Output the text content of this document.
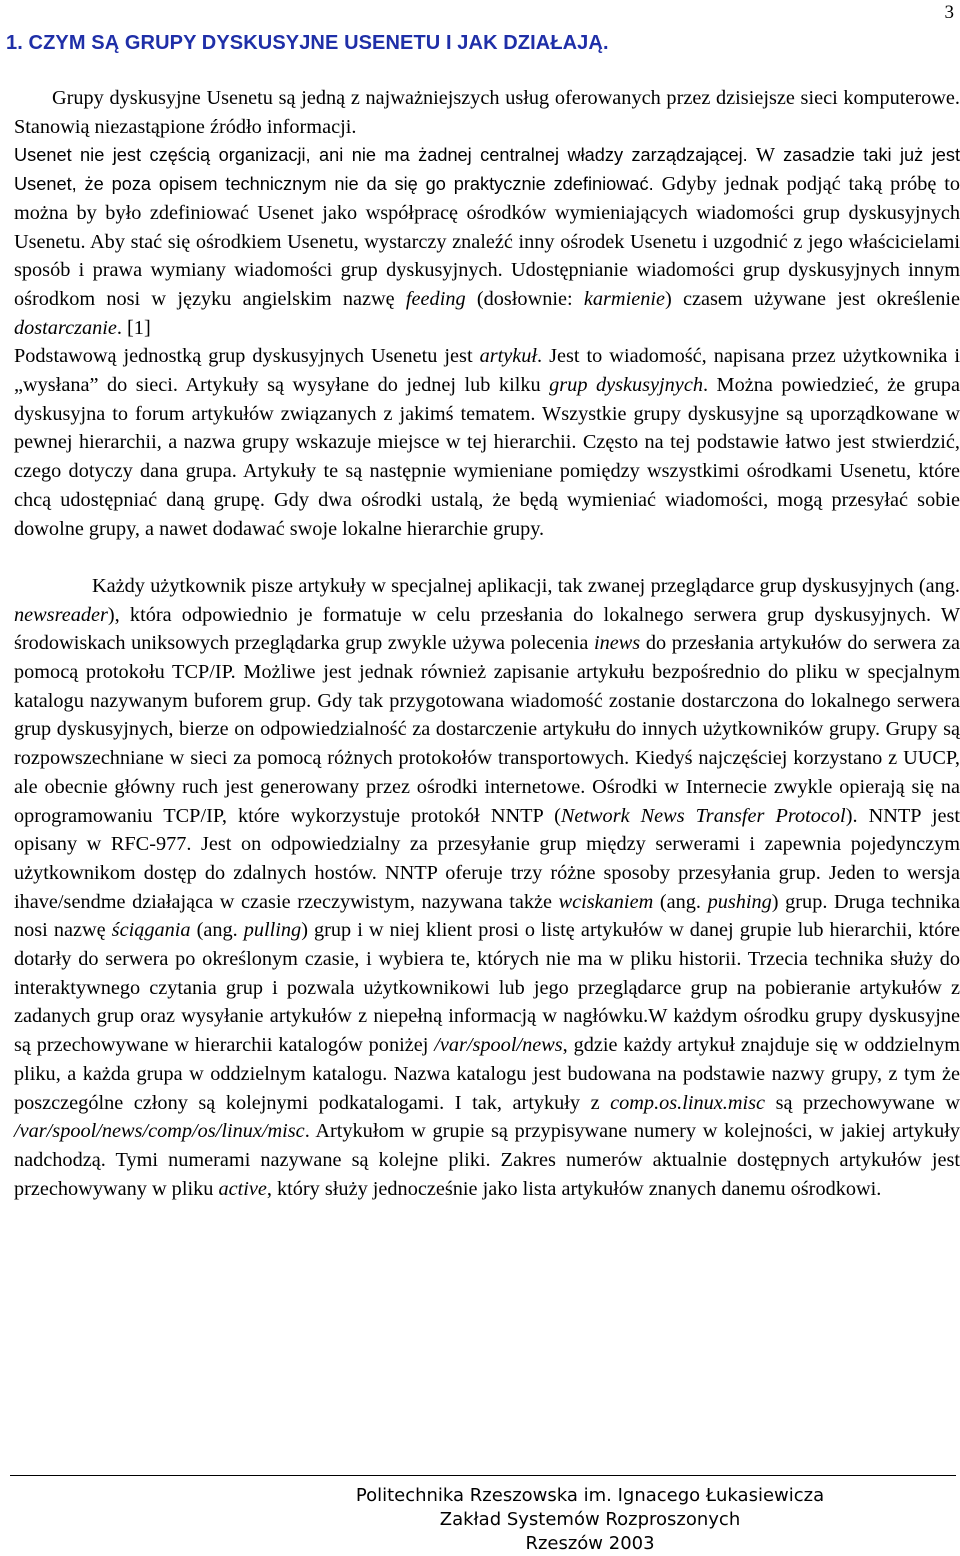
3
1. CZYM SĄ GRUPY DYSKUSYJNE USENETU I JAK DZIAŁAJĄ.

Grupy dyskusyjne Usenetu są jedną z najważniejszych usług oferowanych przez dzisiejsze sieci komputerowe. Stanowią niezastąpione źródło informacji.

Usenet nie jest częścią organizacji, ani nie ma żadnej centralnej władzy zarządzającej. W zasadzie taki już jest Usenet, że poza opisem technicznym nie da się go praktycznie zdefiniować. Gdyby jednak podjąć taką próbę to można by było zdefiniować Usenet jako współpracę ośrodków wymieniających wiadomości grup dyskusyjnych Usenetu. Aby stać się ośrodkiem Usenetu, wystarczy znaleźć inny ośrodek Usenetu i uzgodnić z jego właścicielami sposób i prawa wymiany wiadomości grup dyskusyjnych. Udostępnianie wiadomości grup dyskusyjnych innym ośrodkom nosi w języku angielskim nazwę feeding (dosłownie: karmienie) czasem używane jest określenie dostarczanie. [1]

Podstawową jednostką grup dyskusyjnych Usenetu jest artykuł. Jest to wiadomość, napisana przez użytkownika i „wysłana” do sieci. Artykuły są wysyłane do jednej lub kilku grup dyskusyjnych. Można powiedzieć, że grupa dyskusyjna to forum artykułów związanych z jakimś tematem. Wszystkie grupy dyskusyjne są uporządkowane w pewnej hierarchii, a nazwa grupy wskazuje miejsce w tej hierarchii. Często na tej podstawie łatwo jest stwierdzić, czego dotyczy dana grupa. Artykuły te są następnie wymieniane pomiędzy wszystkimi ośrodkami Usenetu, które chcą udostępniać daną grupę. Gdy dwa ośrodki ustalą, że będą wymieniać wiadomości, mogą przesyłać sobie dowolne grupy, a nawet dodawać swoje lokalne hierarchie grupy.

Każdy użytkownik pisze artykuły w specjalnej aplikacji, tak zwanej przeglądarce grup dyskusyjnych (ang. newsreader), która odpowiednio je formatuje w celu przesłania do lokalnego serwera grup dyskusyjnych. W środowiskach uniksowych przeglądarka grup zwykle używa polecenia inews do przesłania artykułów do serwera za pomocą protokołu TCP/IP. Możliwe jest jednak również zapisanie artykułu bezpośrednio do pliku w specjalnym katalogu nazywanym buforem grup. Gdy tak przygotowana wiadomość zostanie dostarczona do lokalnego serwera grup dyskusyjnych, bierze on odpowiedzialność za dostarczenie artykułu do innych użytkowników grupy. Grupy są rozpowszechniane w sieci za pomocą różnych protokołów transportowych. Kiedyś najczęściej korzystano z UUCP, ale obecnie główny ruch jest generowany przez ośrodki internetowe. Ośrodki w Internecie zwykle opierają się na oprogramowaniu TCP/IP, które wykorzystuje protokół NNTP (Network News Transfer Protocol). NNTP jest opisany w RFC-977. Jest on odpowiedzialny za przesyłanie grup między serwerami i zapewnia pojedynczym użytkownikom dostęp do zdalnych hostów. NNTP oferuje trzy różne sposoby przesyłania grup. Jeden to wersja ihave/sendme działająca w czasie rzeczywistym, nazywana także wciskaniem (ang. pushing) grup. Druga technika nosi nazwę ściągania (ang. pulling) grup i w niej klient prosi o listę artykułów w danej grupie lub hierarchii, które dotarły do serwera po określonym czasie, i wybiera te, których nie ma w pliku historii. Trzecia technika służy do interaktywnego czytania grup i pozwala użytkownikowi lub jego przeglądarce grup na pobieranie artykułów z zadanych grup oraz wysyłanie artykułów z niepełną informacją w nagłówku.W każdym ośrodku grupy dyskusyjne są przechowywane w hierarchii katalogów poniżej /var/spool/news, gdzie każdy artykuł znajduje się w oddzielnym pliku, a każda grupa w oddzielnym katalogu. Nazwa katalogu jest budowana na podstawie nazwy grupy, z tym że poszczególne człony są kolejnymi podkatalogami. I tak, artykuły z comp.os.linux.misc są przechowywane w /var/spool/news/comp/os/linux/misc. Artykułom w grupie są przypisywane numery w kolejności, w jakiej artykuły nadchodzą. Tymi numerami nazywane są kolejne pliki. Zakres numerów aktualnie dostępnych artykułów jest przechowywany w pliku active, który służy jednocześnie jako lista artykułów znanych danemu ośrodkowi.

Politechnika Rzeszowska im. Ignacego Łukasiewicza
Zakład Systemów Rozproszonych
Rzeszów 2003
